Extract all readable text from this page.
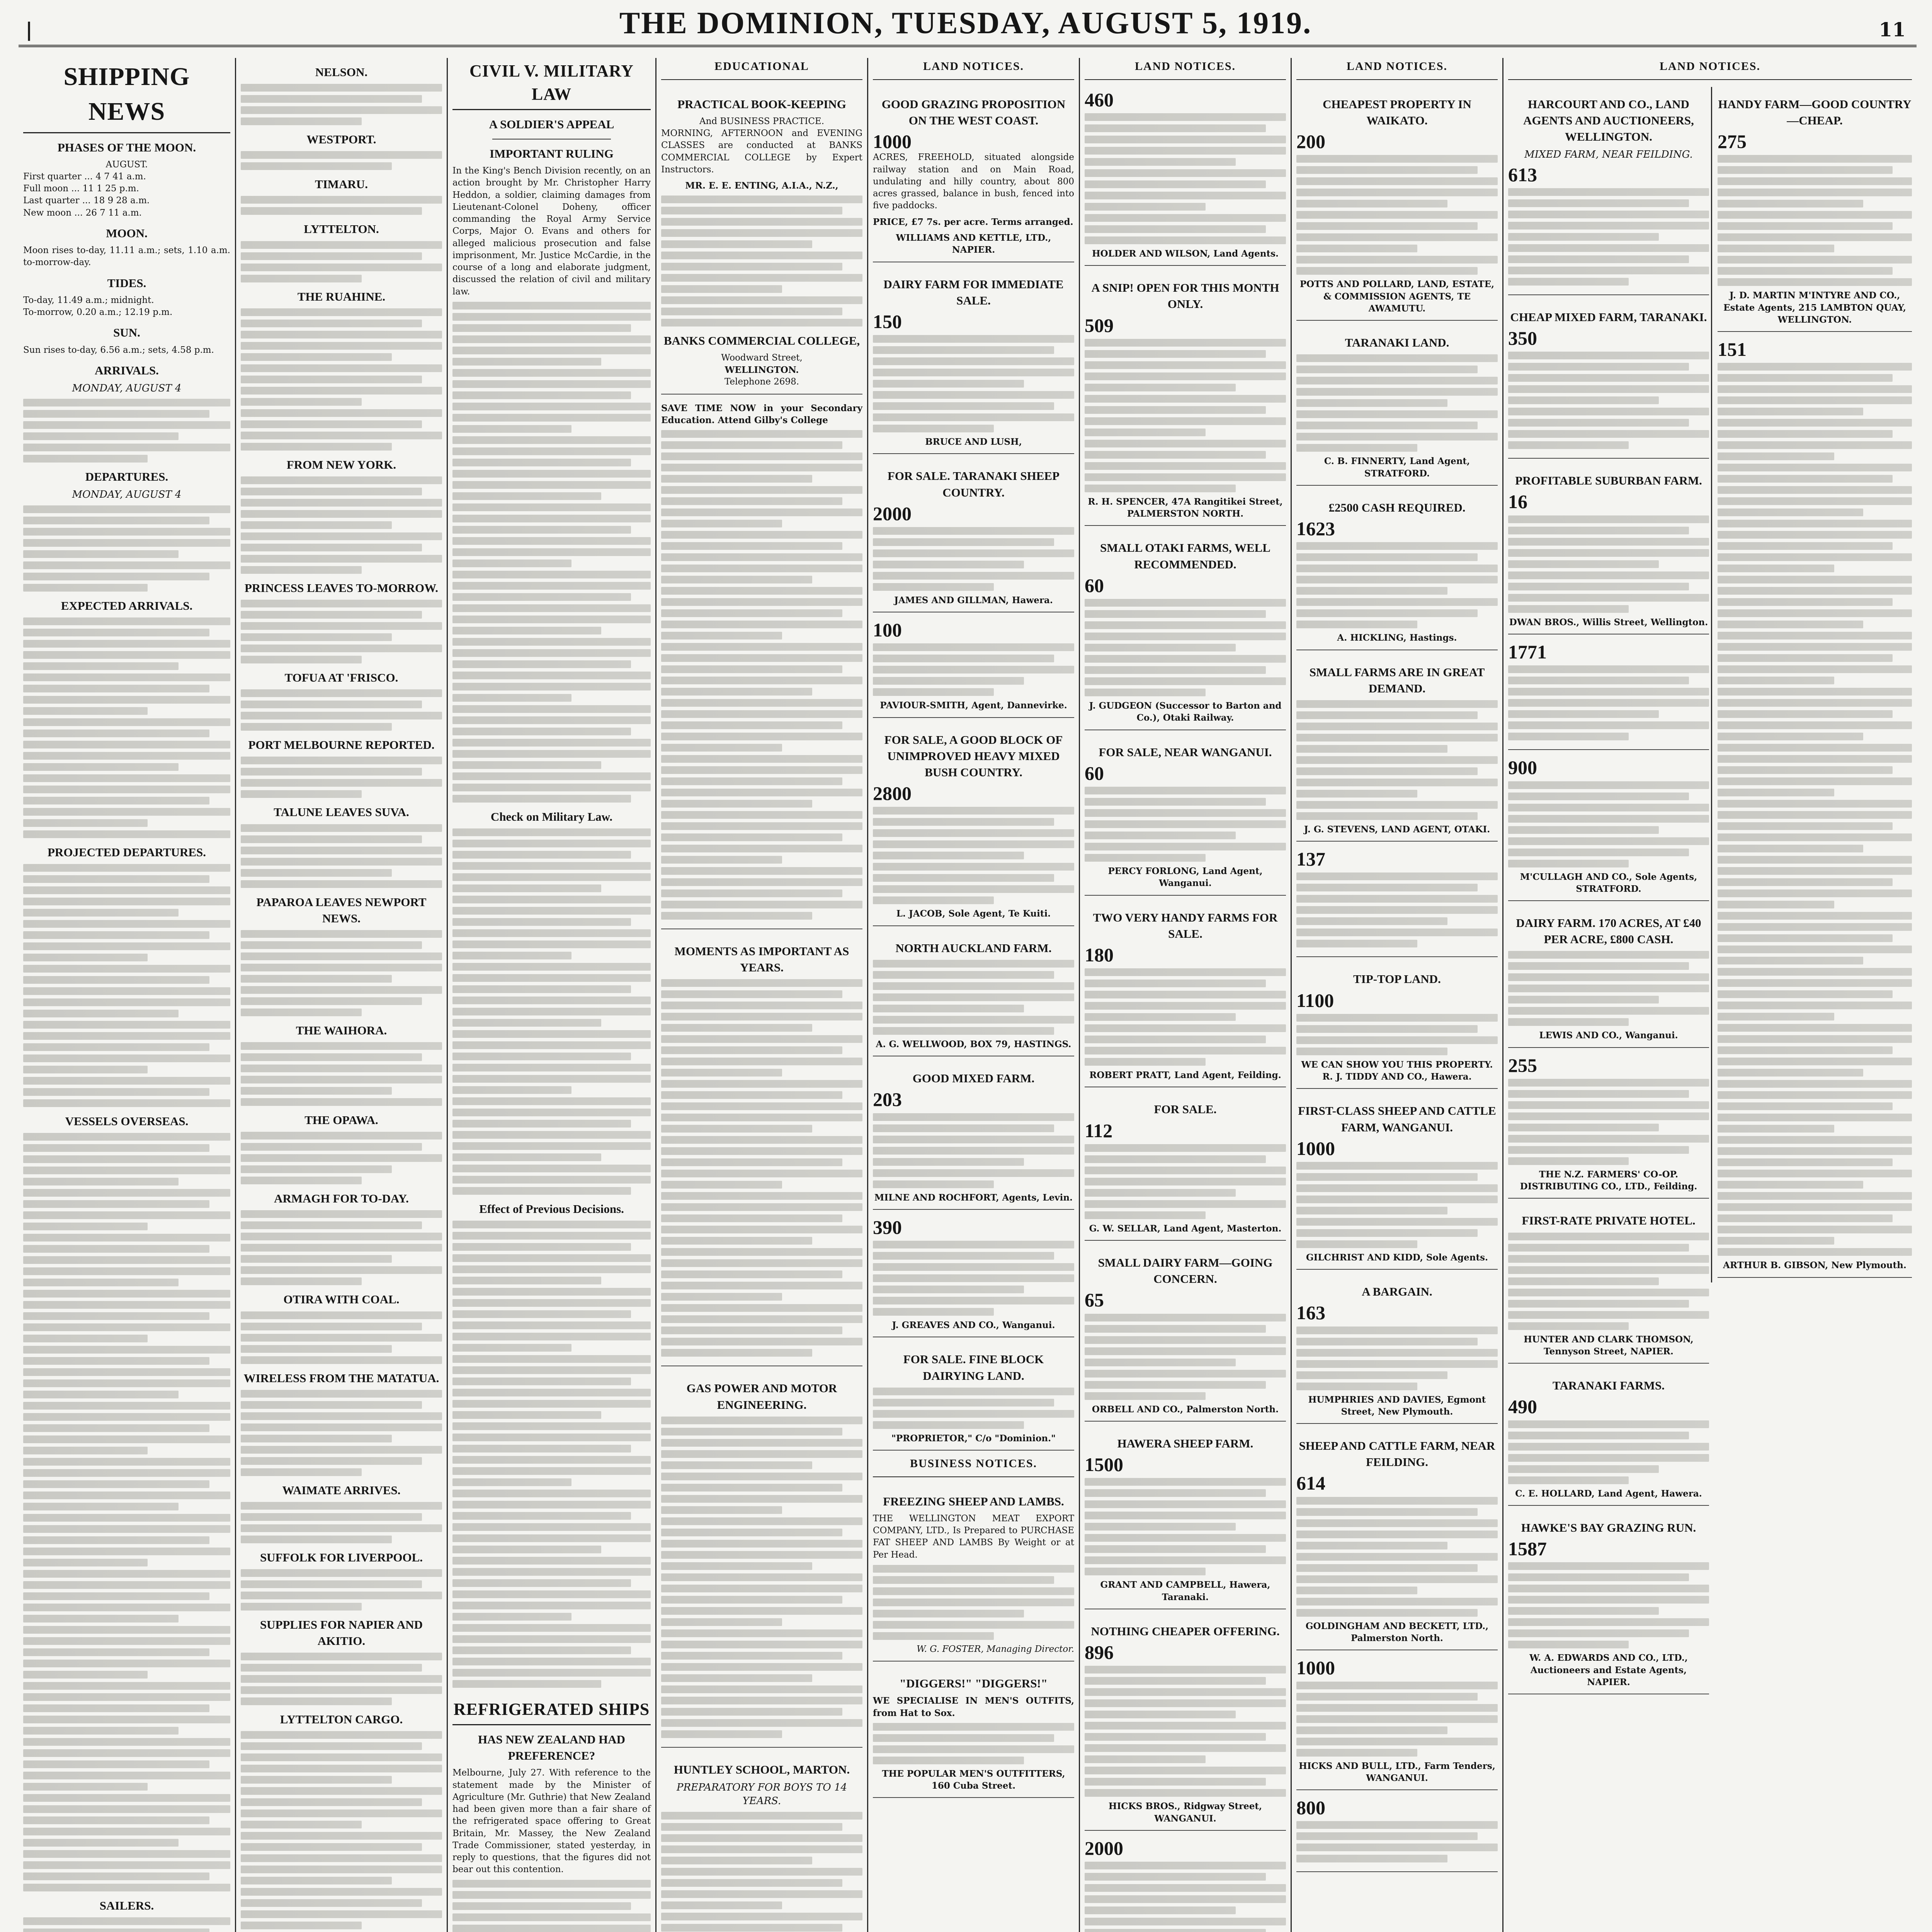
|	THE DOMINION, TUESDAY, AUGUST 5, 1919.	11
SHIPPING NEWS
PHASES OF THE MOON.
AUGUST.
First quarter ... 4 7 41 a.m.
Full moon ... 11 1 25 p.m.
Last quarter ... 18 9 28 a.m.
New moon ... 26 7 11 a.m.
MOON.
Moon rises to-day, 11.11 a.m.; sets, 1.10 a.m. to-morrow-day.
TIDES.
To-day, 11.49 a.m.; midnight.
To-morrow, 0.20 a.m.; 12.19 p.m.
SUN.
Sun rises to-day, 6.56 a.m.; sets, 4.58 p.m.
ARRIVALS.
MONDAY, AUGUST 4
DEPARTURES.
MONDAY, AUGUST 4
EXPECTED ARRIVALS.
PROJECTED DEPARTURES.
VESSELS OVERSEAS.
SAILERS.
NELSON.
WESTPORT.
TIMARU.
LYTTELTON.
THE RUAHINE.
FROM NEW YORK.
PRINCESS LEAVES TO-MORROW.
TOFUA AT 'FRISCO.
PORT MELBOURNE REPORTED.
TALUNE LEAVES SUVA.
PAPAROA LEAVES NEWPORT NEWS.
THE WAIHORA.
THE OPAWA.
ARMAGH FOR TO-DAY.
OTIRA WITH COAL.
WIRELESS FROM THE MATATUA.
WAIMATE ARRIVES.
SUFFOLK FOR LIVERPOOL.
SUPPLIES FOR NAPIER AND AKITIO.
LYTTELTON CARGO.
CIVIL V. MILITARY LAW
A SOLDIER'S APPEAL
IMPORTANT RULING
In the King's Bench Division recently, on an action brought by Mr. Christopher Harry Heddon, a soldier, claiming damages from Lieutenant-Colonel Doheny, officer commanding the Royal Army Service Corps, Major O. Evans and others for alleged malicious prosecution and false imprisonment, Mr. Justice McCardie, in the course of a long and elaborate judgment, discussed the relation of civil and military law.
Check on Military Law.
Effect of Previous Decisions.
REFRIGERATED SHIPS
HAS NEW ZEALAND HAD PREFERENCE?
Melbourne, July 27. With reference to the statement made by the Minister of Agriculture (Mr. Guthrie) that New Zealand had been given more than a fair share of the refrigerated space offering to Great Britain, Mr. Massey, the New Zealand Trade Commissioner, stated yesterday, in reply to questions, that the figures did not bear out this contention.
EDUCATIONAL
PRACTICAL BOOK-KEEPING
And BUSINESS PRACTICE.
MORNING, AFTERNOON and EVENING CLASSES are conducted at BANKS COMMERCIAL COLLEGE by Expert Instructors.
MR. E. E. ENTING, A.I.A., N.Z.,
BANKS COMMERCIAL COLLEGE,
Woodward Street,
WELLINGTON.
Telephone 2698.
SAVE TIME NOW in your Secondary Education. Attend Gilby's College
MOMENTS AS IMPORTANT AS YEARS.
GAS POWER AND MOTOR ENGINEERING.
HUNTLEY SCHOOL, MARTON.
PREPARATORY FOR BOYS TO 14 YEARS.
LAND NOTICES.
GOOD GRAZING PROPOSITION ON THE WEST COAST.
1000
ACRES, FREEHOLD, situated alongside railway station and on Main Road, undulating and hilly country, about 800 acres grassed, balance in bush, fenced into five paddocks.
PRICE, £7 7s. per acre. Terms arranged.
WILLIAMS AND KETTLE, LTD., NAPIER.
DAIRY FARM FOR IMMEDIATE SALE.
150
BRUCE AND LUSH,
FOR SALE. TARANAKI SHEEP COUNTRY.
2000
JAMES AND GILLMAN, Hawera.
100
PAVIOUR-SMITH, Agent, Dannevirke.
FOR SALE, A GOOD BLOCK OF UNIMPROVED HEAVY MIXED BUSH COUNTRY.
2800
L. JACOB, Sole Agent, Te Kuiti.
NORTH AUCKLAND FARM.
A. G. WELLWOOD, BOX 79, HASTINGS.
GOOD MIXED FARM.
203
MILNE AND ROCHFORT, Agents, Levin.
390
J. GREAVES AND CO., Wanganui.
FOR SALE. FINE BLOCK DAIRYING LAND.
"PROPRIETOR," C/o "Dominion."
BUSINESS NOTICES.
FREEZING SHEEP AND LAMBS.
THE WELLINGTON MEAT EXPORT COMPANY, LTD., Is Prepared to PURCHASE FAT SHEEP AND LAMBS By Weight or at Per Head.
W. G. FOSTER, Managing Director.
"DIGGERS!" "DIGGERS!"
WE SPECIALISE IN MEN'S OUTFITS, from Hat to Sox.
THE POPULAR MEN'S OUTFITTERS, 160 Cuba Street.
LAND NOTICES.
460
HOLDER AND WILSON, Land Agents.
A SNIP! OPEN FOR THIS MONTH ONLY.
509
R. H. SPENCER, 47A Rangitikei Street, PALMERSTON NORTH.
SMALL OTAKI FARMS, WELL RECOMMENDED.
60
J. GUDGEON (Successor to Barton and Co.), Otaki Railway.
FOR SALE, NEAR WANGANUI.
60
PERCY FORLONG, Land Agent, Wanganui.
TWO VERY HANDY FARMS FOR SALE.
180
ROBERT PRATT, Land Agent, Feilding.
FOR SALE.
112
G. W. SELLAR, Land Agent, Masterton.
SMALL DAIRY FARM—GOING CONCERN.
65
ORBELL AND CO., Palmerston North.
HAWERA SHEEP FARM.
1500
GRANT AND CAMPBELL, Hawera, Taranaki.
NOTHING CHEAPER OFFERING.
896
HICKS BROS., Ridgway Street, WANGANUI.
2000
LAND NOTICES.
CHEAPEST PROPERTY IN WAIKATO.
200
POTTS AND POLLARD, LAND, ESTATE, & COMMISSION AGENTS, TE AWAMUTU.
TARANAKI LAND.
C. B. FINNERTY, Land Agent, STRATFORD.
£2500 CASH REQUIRED.
1623
A. HICKLING, Hastings.
SMALL FARMS ARE IN GREAT DEMAND.
J. G. STEVENS, LAND AGENT, OTAKI.
137
TIP-TOP LAND.
1100
WE CAN SHOW YOU THIS PROPERTY.
R. J. TIDDY AND CO., Hawera.
FIRST-CLASS SHEEP AND CATTLE FARM, WANGANUI.
1000
GILCHRIST AND KIDD, Sole Agents.
A BARGAIN.
163
HUMPHRIES AND DAVIES, Egmont Street, New Plymouth.
SHEEP AND CATTLE FARM, NEAR FEILDING.
614
GOLDINGHAM AND BECKETT, LTD., Palmerston North.
1000
HICKS AND BULL, LTD., Farm Tenders, WANGANUI.
800
LAND NOTICES.
HARCOURT AND CO., LAND AGENTS AND AUCTIONEERS, WELLINGTON.
MIXED FARM, NEAR FEILDING.
613
CHEAP MIXED FARM, TARANAKI.
350
PROFITABLE SUBURBAN FARM.
16
DWAN BROS., Willis Street, Wellington.
1771
900
M'CULLAGH AND CO., Sole Agents, STRATFORD.
DAIRY FARM. 170 ACRES, AT £40 PER ACRE, £800 CASH.
LEWIS AND CO., Wanganui.
255
THE N.Z. FARMERS' CO-OP. DISTRIBUTING CO., LTD., Feilding.
FIRST-RATE PRIVATE HOTEL.
HUNTER AND CLARK THOMSON, Tennyson Street, NAPIER.
TARANAKI FARMS.
490
C. E. HOLLARD, Land Agent, Hawera.
HAWKE'S BAY GRAZING RUN.
1587
W. A. EDWARDS AND CO., LTD., Auctioneers and Estate Agents, NAPIER.
HANDY FARM—GOOD COUNTRY—CHEAP.
275
J. D. MARTIN M'INTYRE AND CO., Estate Agents, 215 LAMBTON QUAY, WELLINGTON.
151
ARTHUR B. GIBSON, New Plymouth.
